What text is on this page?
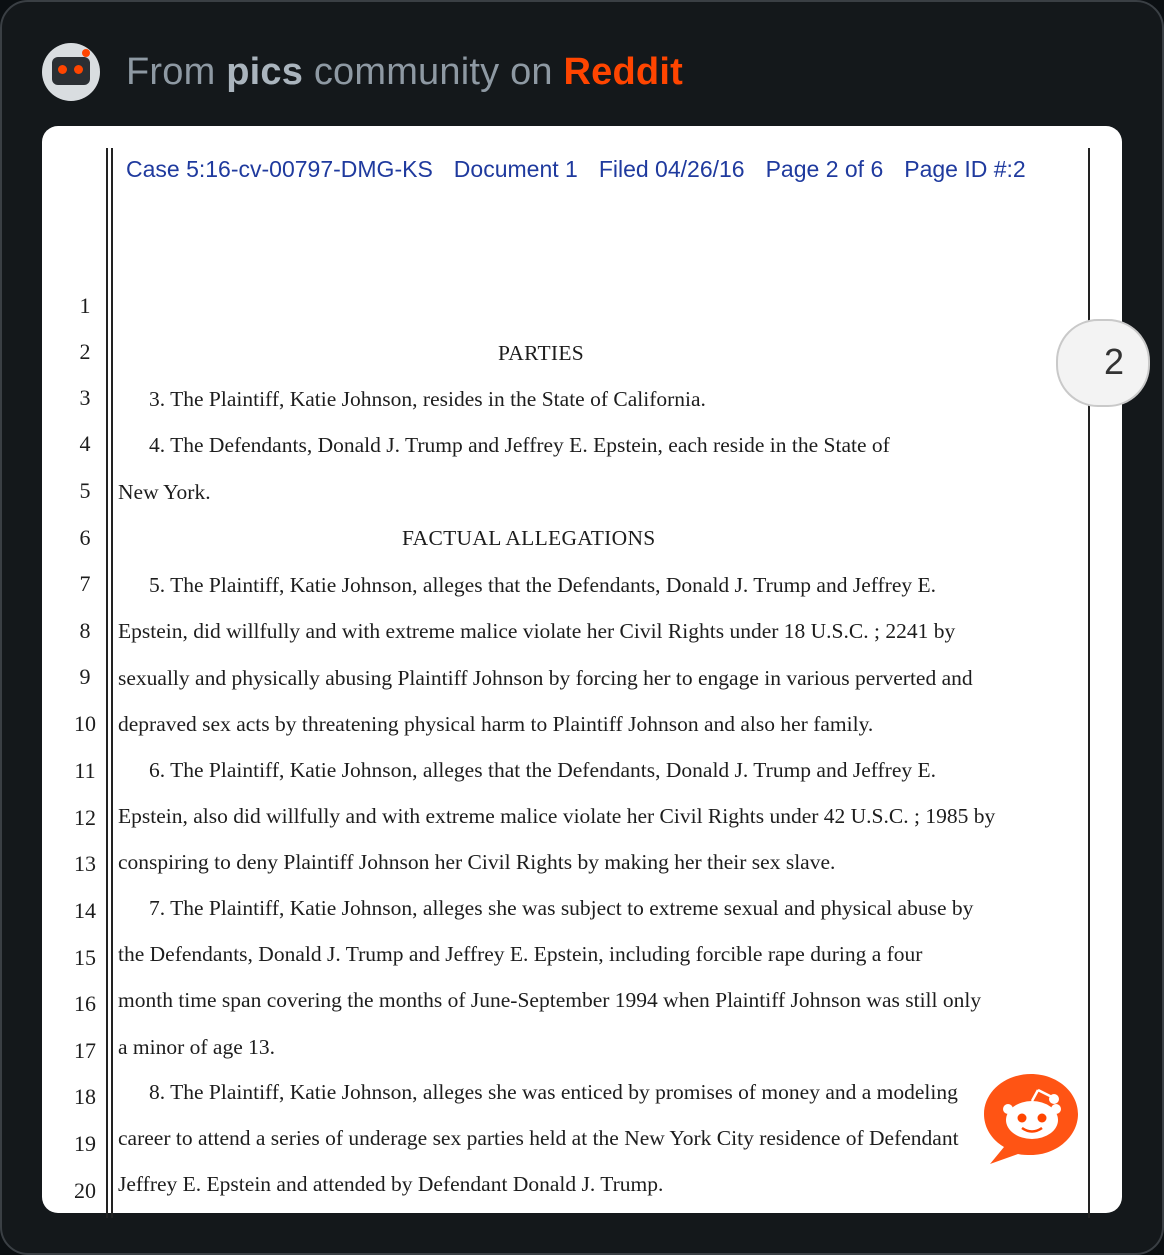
From pics community on Reddit
Case 5:16-cv-00797-DMG-KS Document 1 Filed 04/26/16 Page 2 of 6 Page ID #:2
1
2
3
4
5
6
7
8
9
10
11
12
13
14
15
16
17
18
19
20
PARTIES
3. The Plaintiff, Katie Johnson, resides in the State of California.
4. The Defendants, Donald J. Trump and Jeffrey E. Epstein, each reside in the State of
New York.
FACTUAL ALLEGATIONS
5. The Plaintiff, Katie Johnson, alleges that the Defendants, Donald J. Trump and Jeffrey E.
Epstein, did willfully and with extreme malice violate her Civil Rights under 18 U.S.C. ; 2241 by
sexually and physically abusing Plaintiff Johnson by forcing her to engage in various perverted and
depraved sex acts by threatening physical harm to Plaintiff Johnson and also her family.
6. The Plaintiff, Katie Johnson, alleges that the Defendants, Donald J. Trump and Jeffrey E.
Epstein, also did willfully and with extreme malice violate her Civil Rights under 42 U.S.C. ; 1985 by
conspiring to deny Plaintiff Johnson her Civil Rights by making her their sex slave.
7. The Plaintiff, Katie Johnson, alleges she was subject to extreme sexual and physical abuse by
the Defendants, Donald J. Trump and Jeffrey E. Epstein, including forcible rape during a four
month time span covering the months of June-September 1994 when Plaintiff Johnson was still only
a minor of age 13.
8. The Plaintiff, Katie Johnson, alleges she was enticed by promises of money and a modeling
career to attend a series of underage sex parties held at the New York City residence of Defendant
Jeffrey E. Epstein and attended by Defendant Donald J. Trump.
2
